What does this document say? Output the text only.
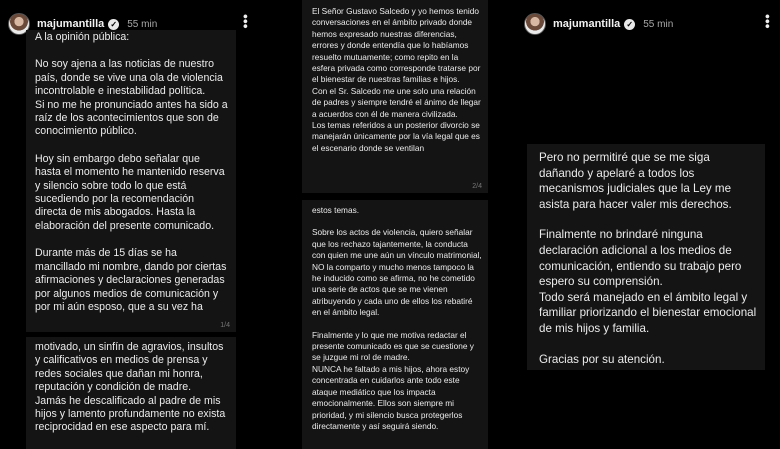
majumantilla ✓ 55 min	•••

A la opinión pública:

No soy ajena a las noticias de nuestro país, donde se vive una ola de violencia incontrolable e inestabilidad política.

Si no me he pronunciado antes ha sido a raíz de los acontecimientos que son de conocimiento público.

Hoy sin embargo debo señalar que hasta el momento he mantenido reserva y silencio sobre todo lo que está sucediendo por la recomendación directa de mis abogados. Hasta la elaboración del presente comunicado.

Durante más de 15 días se ha mancillado mi nombre, dando por ciertas afirmaciones y declaraciones generadas por algunos medios de comunicación y por mi aún esposo, que a su vez ha

1/4

motivado, un sinfín de agravios, insultos y calificativos en medios de prensa y redes sociales que dañan mi honra, reputación y condición de madre.

Jamás he descalificado al padre de mis hijos y lamento profundamente no exista reciprocidad en ese aspecto para mí.

El Señor Gustavo Salcedo y yo hemos tenido conversaciones en el ámbito privado donde hemos expresado nuestras diferencias, errores y donde entendía que lo habíamos resuelto mutuamente; como repito en la esfera privada como corresponde tratarse por el bienestar de nuestras familias e hijos.

Con el Sr. Salcedo me une solo una relación de padres y siempre tendré el ánimo de llegar a acuerdos con él de manera civilizada.

Los temas referidos a un posterior divorcio se manejarán únicamente por la vía legal que es el escenario donde se ventilan

2/4

estos temas.

Sobre los actos de violencia, quiero señalar que los rechazo tajantemente, la conducta con quien me une aún un vínculo matrimonial, NO la comparto y mucho menos tampoco la he inducido como se afirma, no he cometido una serie de actos que se me vienen atribuyendo y cada uno de ellos los rebatiré en el ámbito legal.

Finalmente y lo que me motiva redactar el presente comunicado es que se cuestione y se juzgue mi rol de madre.

NUNCA he faltado a mis hijos, ahora estoy concentrada en cuidarlos ante todo este ataque mediático que los impacta emocionalmente. Ellos son siempre mi prioridad, y mi silencio busca protegerlos directamente y así seguirá siendo.

majumantilla ✓ 55 min	•••

Pero no permitiré que se me siga dañando y apelaré a todos los mecanismos judiciales que la Ley me asista para hacer valer mis derechos.

Finalmente no brindaré ninguna declaración adicional a los medios de comunicación, entiendo su trabajo pero espero su comprensión.

Todo será manejado en el ámbito legal y familiar priorizando el bienestar emocional de mis hijos y familia.

Gracias por su atención.
